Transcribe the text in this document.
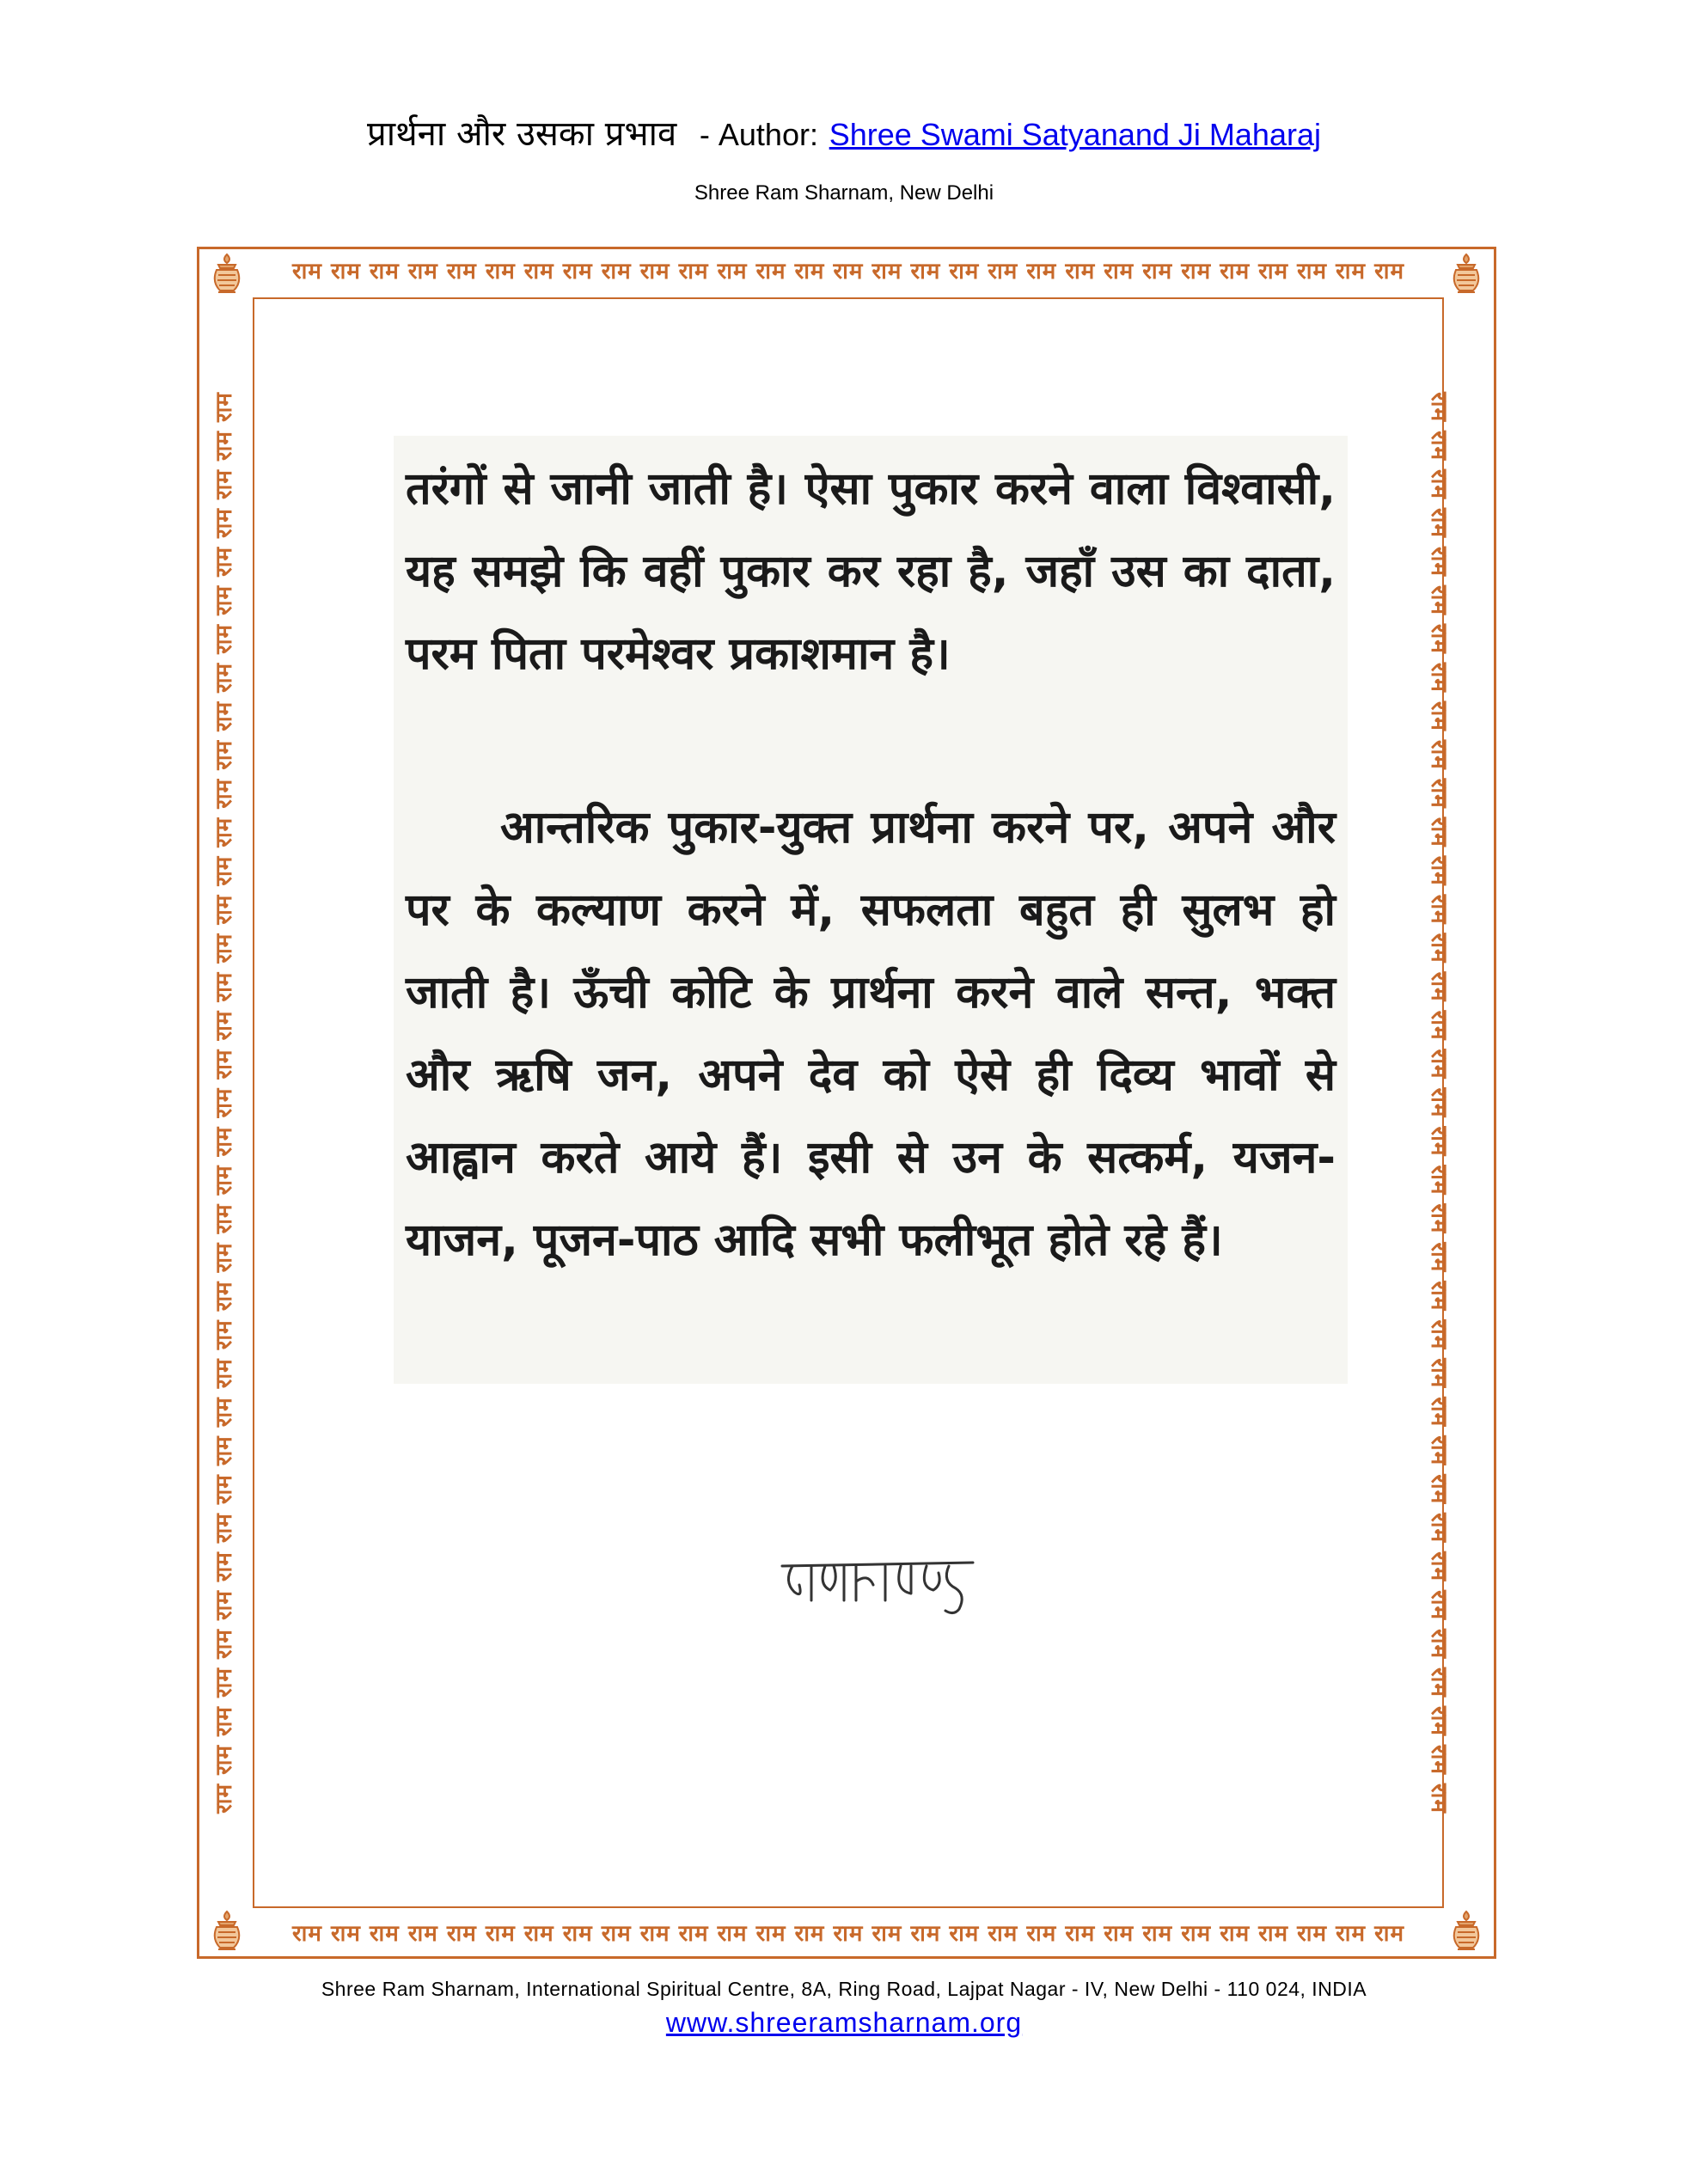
प्रार्थना और उसका प्रभाव - Author: Shree Swami Satyanand Ji Maharaj
Shree Ram Sharnam, New Delhi
राम राम राम राम राम राम राम राम राम राम राम राम राम राम राम राम राम राम राम राम राम राम राम राम राम राम राम राम राम
राम राम राम राम राम राम राम राम राम राम राम राम राम राम राम राम राम राम राम राम राम राम राम राम राम राम राम राम राम
राम राम राम राम राम राम राम राम राम राम राम राम राम राम राम राम राम राम राम राम राम राम राम राम राम राम राम राम राम राम राम राम राम राम राम राम राम	राम राम राम राम राम राम राम राम राम राम राम राम राम राम राम राम राम राम राम राम राम राम राम राम राम राम राम राम राम राम राम राम राम राम राम राम राम
तरंगों से जानी जाती है। ऐसा पुकार करने वाला विश्वासी, यह समझे कि वहीं पुकार कर रहा है, जहाँ उस का दाता, परम पिता परमेश्वर प्रकाशमान है।
आन्तरिक पुकार-युक्त प्रार्थना करने पर, अपने और पर के कल्याण करने में, सफलता बहुत ही सुलभ हो जाती है। ऊँची कोटि के प्रार्थना करने वाले सन्त, भक्त और ऋषि जन, अपने देव को ऐसे ही दिव्य भावों से आह्वान करते आये हैं। इसी से उन के सत्कर्म, यजन-याजन, पूजन-पाठ आदि सभी फलीभूत होते रहे हैं।
Shree Ram Sharnam, International Spiritual Centre, 8A, Ring Road, Lajpat Nagar - IV, New Delhi - 110 024, INDIA
www.shreeramsharnam.org
